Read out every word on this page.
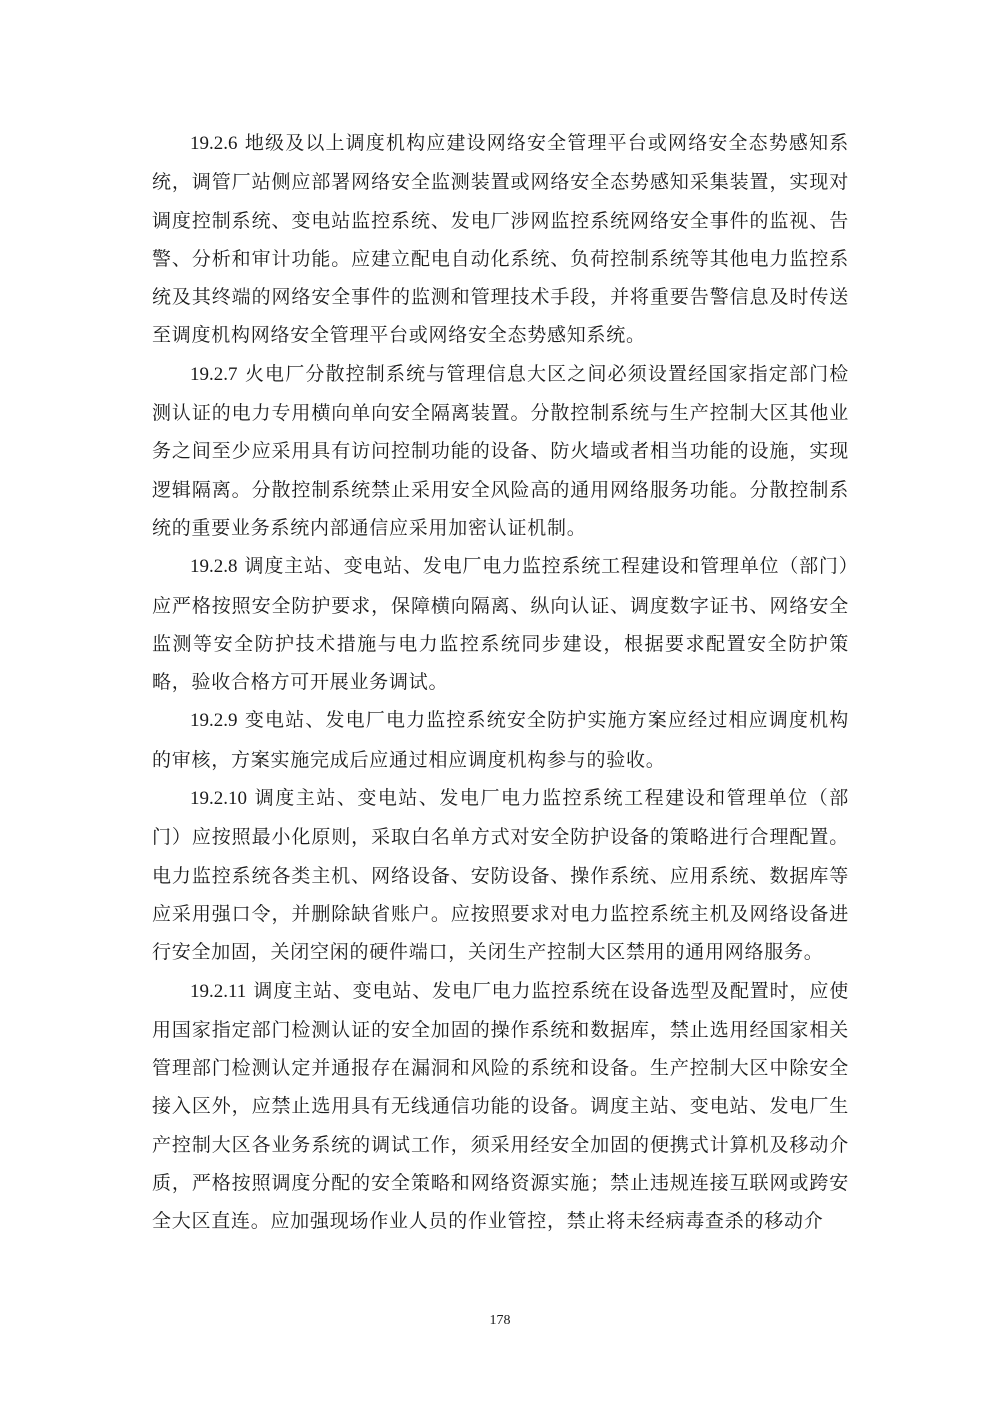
19.2.6 地级及以上调度机构应建设网络安全管理平台或网络安全态势感知系统，调管厂站侧应部署网络安全监测装置或网络安全态势感知采集装置，实现对调度控制系统、变电站监控系统、发电厂涉网监控系统网络安全事件的监视、告警、分析和审计功能。应建立配电自动化系统、负荷控制系统等其他电力监控系统及其终端的网络安全事件的监测和管理技术手段，并将重要告警信息及时传送至调度机构网络安全管理平台或网络安全态势感知系统。

19.2.7 火电厂分散控制系统与管理信息大区之间必须设置经国家指定部门检测认证的电力专用横向单向安全隔离装置。分散控制系统与生产控制大区其他业务之间至少应采用具有访问控制功能的设备、防火墙或者相当功能的设施，实现逻辑隔离。分散控制系统禁止采用安全风险高的通用网络服务功能。分散控制系统的重要业务系统内部通信应采用加密认证机制。

19.2.8 调度主站、变电站、发电厂电力监控系统工程建设和管理单位（部门）应严格按照安全防护要求，保障横向隔离、纵向认证、调度数字证书、网络安全监测等安全防护技术措施与电力监控系统同步建设，根据要求配置安全防护策略，验收合格方可开展业务调试。

19.2.9 变电站、发电厂电力监控系统安全防护实施方案应经过相应调度机构的审核，方案实施完成后应通过相应调度机构参与的验收。

19.2.10 调度主站、变电站、发电厂电力监控系统工程建设和管理单位（部门）应按照最小化原则，采取白名单方式对安全防护设备的策略进行合理配置。电力监控系统各类主机、网络设备、安防设备、操作系统、应用系统、数据库等应采用强口令，并删除缺省账户。应按照要求对电力监控系统主机及网络设备进行安全加固，关闭空闲的硬件端口，关闭生产控制大区禁用的通用网络服务。

19.2.11 调度主站、变电站、发电厂电力监控系统在设备选型及配置时，应使用国家指定部门检测认证的安全加固的操作系统和数据库，禁止选用经国家相关管理部门检测认定并通报存在漏洞和风险的系统和设备。生产控制大区中除安全接入区外，应禁止选用具有无线通信功能的设备。调度主站、变电站、发电厂生产控制大区各业务系统的调试工作，须采用经安全加固的便携式计算机及移动介质，严格按照调度分配的安全策略和网络资源实施；禁止违规连接互联网或跨安全大区直连。应加强现场作业人员的作业管控，禁止将未经病毒查杀的移动介

178
